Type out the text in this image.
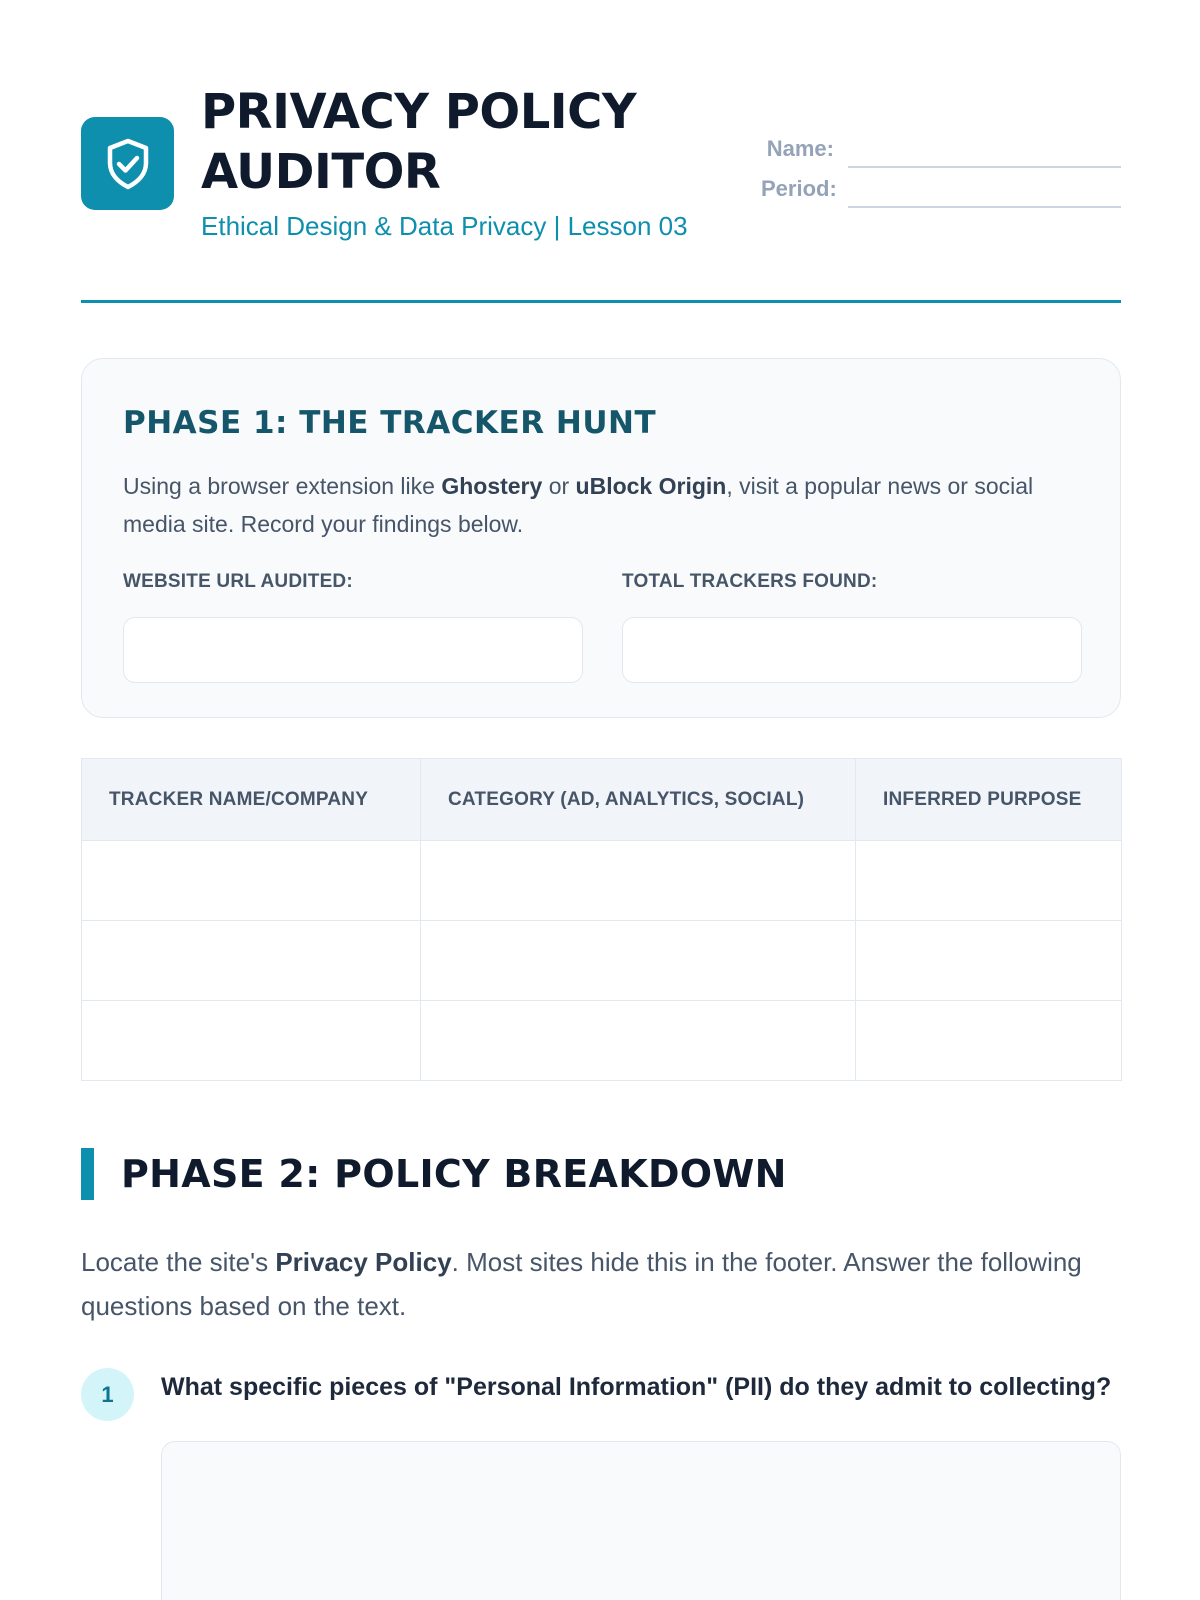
PRIVACY POLICY
AUDITOR
Ethical Design & Data Privacy | Lesson 03
Name:
Period:
PHASE 1: THE TRACKER HUNT
Using a browser extension like Ghostery or uBlock Origin, visit a popular news or social media site. Record your findings below.
WEBSITE URL AUDITED:	TOTAL TRACKERS FOUND:
TRACKER NAME/COMPANY	CATEGORY (AD, ANALYTICS, SOCIAL)	INFERRED PURPOSE

PHASE 2: POLICY BREAKDOWN
Locate the site's Privacy Policy. Most sites hide this in the footer. Answer the following questions based on the text.
1	What specific pieces of "Personal Information" (PII) do they admit to collecting?
